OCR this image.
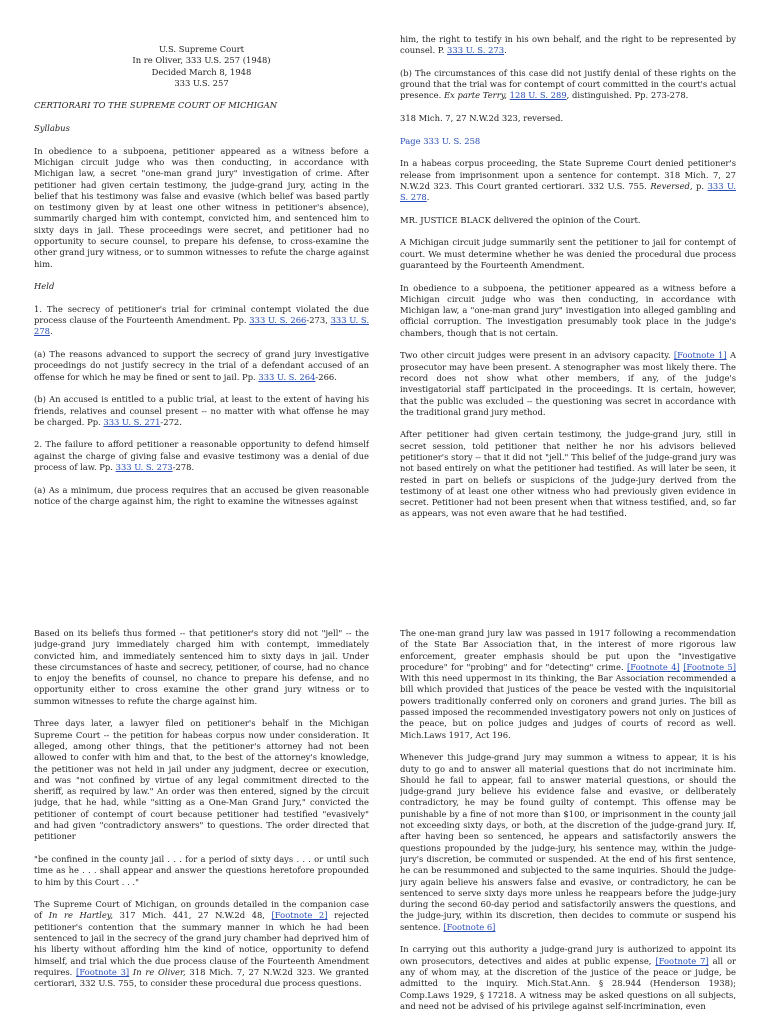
U.S. Supreme Court

In re Oliver, 333 U.S. 257 (1948)

Decided March 8, 1948

333 U.S. 257

CERTIORARI TO THE SUPREME COURT OF MICHIGAN

Syllabus

In obedience to a subpoena, petitioner appeared as a witness before a Michigan circuit judge who was then conducting, in accordance with Michigan law, a secret "one-man grand jury" investigation of crime. After petitioner had given certain testimony, the judge-grand jury, acting in the belief that his testimony was false and evasive (which belief was based partly on testimony given by at least one other witness in petitioner's absence), summarily charged him with contempt, convicted him, and sentenced him to sixty days in jail. These proceedings were secret, and petitioner had no opportunity to secure counsel, to prepare his defense, to cross-examine the other grand jury witness, or to summon witnesses to refute the charge against him.

Held

1. The secrecy of petitioner's trial for criminal contempt violated the due process clause of the Fourteenth Amendment. Pp. 333 U. S. 266-273, 333 U. S. 278.

(a) The reasons advanced to support the secrecy of grand jury investigative proceedings do not justify secrecy in the trial of a defendant accused of an offense for which he may be fined or sent to jail. Pp. 333 U. S. 264-266.

(b) An accused is entitled to a public trial, at least to the extent of having his friends, relatives and counsel present -- no matter with what offense he may be charged. Pp. 333 U. S. 271-272.

2. The failure to afford petitioner a reasonable opportunity to defend himself against the charge of giving false and evasive testimony was a denial of due process of law. Pp. 333 U. S. 273-278.

(a) As a minimum, due process requires that an accused be given reasonable notice of the charge against him, the right to examine the witnesses against

him, the right to testify in his own behalf, and the right to be represented by counsel. P. 333 U. S. 273.

(b) The circumstances of this case did not justify denial of these rights on the ground that the trial was for contempt of court committed in the court's actual presence. Ex parte Terry, 128 U. S. 289, distinguished. Pp. 273-278.

318 Mich. 7, 27 N.W.2d 323, reversed.

Page 333 U. S. 258

In a habeas corpus proceeding, the State Supreme Court denied petitioner's release from imprisonment upon a sentence for contempt. 318 Mich. 7, 27 N.W.2d 323. This Court granted certiorari. 332 U.S. 755. Reversed, p. 333 U. S. 278.

MR. JUSTICE BLACK delivered the opinion of the Court.

A Michigan circuit judge summarily sent the petitioner to jail for contempt of court. We must determine whether he was denied the procedural due process guaranteed by the Fourteenth Amendment.

In obedience to a subpoena, the petitioner appeared as a witness before a Michigan circuit judge who was then conducting, in accordance with Michigan law, a "one-man grand jury" investigation into alleged gambling and official corruption. The investigation presumably took place in the judge's chambers, though that is not certain.

Two other circuit judges were present in an advisory capacity. [Footnote 1] A prosecutor may have been present. A stenographer was most likely there. The record does not show what other members, if any, of the judge's investigatorial staff participated in the proceedings. It is certain, however, that the public was excluded -- the questioning was secret in accordance with the traditional grand jury method.

After petitioner had given certain testimony, the judge-grand jury, still in secret session, told petitioner that neither he nor his advisors believed petitioner's story -- that it did not "jell." This belief of the judge-grand jury was not based entirely on what the petitioner had testified. As will later be seen, it rested in part on beliefs or suspicions of the judge-jury derived from the testimony of at least one other witness who had previously given evidence in secret. Petitioner had not been present when that witness testified, and, so far as appears, was not even aware that he had testified.

Based on its beliefs thus formed -- that petitioner's story did not "jell" -- the judge-grand jury immediately charged him with contempt, immediately convicted him, and immediately sentenced him to sixty days in jail. Under these circumstances of haste and secrecy, petitioner, of course, had no chance to enjoy the benefits of counsel, no chance to prepare his defense, and no opportunity either to cross examine the other grand jury witness or to summon witnesses to refute the charge against him.

Three days later, a lawyer filed on petitioner's behalf in the Michigan Supreme Court -- the petition for habeas corpus now under consideration. It alleged, among other things, that the petitioner's attorney had not been allowed to confer with him and that, to the best of the attorney's knowledge, the petitioner was not held in jail under any judgment, decree or execution, and was "not confined by virtue of any legal commitment directed to the sheriff, as required by law." An order was then entered, signed by the circuit judge, that he had, while "sitting as a One-Man Grand Jury," convicted the petitioner of contempt of court because petitioner had testified "evasively" and had given "contradictory answers" to questions. The order directed that petitioner

"be confined in the county jail . . . for a period of sixty days . . . or until such time as he . . . shall appear and answer the questions heretofore propounded to him by this Court . . ."

The Supreme Court of Michigan, on grounds detailed in the companion case of In re Hartley, 317 Mich. 441, 27 N.W.2d 48, [Footnote 2] rejected petitioner's contention that the summary manner in which he had been sentenced to jail in the secrecy of the grand jury chamber had deprived him of his liberty without affording him the kind of notice, opportunity to defend himself, and trial which the due process clause of the Fourteenth Amendment requires. [Footnote 3] In re Oliver, 318 Mich. 7, 27 N.W.2d 323. We granted certiorari, 332 U.S. 755, to consider these procedural due process questions.

The one-man grand jury law was passed in 1917 following a recommendation of the State Bar Association that, in the interest of more rigorous law enforcement, greater emphasis should be put upon the "investigative procedure" for "probing" and for "detecting" crime. [Footnote 4] [Footnote 5] With this need uppermost in its thinking, the Bar Association recommended a bill which provided that justices of the peace be vested with the inquisitorial powers traditionally conferred only on coroners and grand juries. The bill as passed imposed the recommended investigatory powers not only on justices of the peace, but on police judges and judges of courts of record as well. Mich.Laws 1917, Act 196.

Whenever this judge-grand jury may summon a witness to appear, it is his duty to go and to answer all material questions that do not incriminate him. Should he fail to appear, fail to answer material questions, or should the judge-grand jury believe his evidence false and evasive, or deliberately contradictory, he may be found guilty of contempt. This offense may be punishable by a fine of not more than $100, or imprisonment in the county jail not exceeding sixty days, or both, at the discretion of the judge-grand jury. If, after having been so sentenced, he appears and satisfactorily answers the questions propounded by the judge-jury, his sentence may, within the judge-jury's discretion, be commuted or suspended. At the end of his first sentence, he can be resummoned and subjected to the same inquiries. Should the judge-jury again believe his answers false and evasive, or contradictory, he can be sentenced to serve sixty days more unless he reappears before the judge-jury during the second 60-day period and satisfactorily answers the questions, and the judge-jury, within its discretion, then decides to commute or suspend his sentence. [Footnote 6]

In carrying out this authority a judge-grand jury is authorized to appoint its own prosecutors, detectives and aides at public expense, [Footnote 7] all or any of whom may, at the discretion of the justice of the peace or judge, be admitted to the inquiry. Mich.Stat.Ann. § 28.944 (Henderson 1938); Comp.Laws 1929, § 17218. A witness may be asked questions on all subjects, and need not be advised of his privilege against self-incrimination, even
